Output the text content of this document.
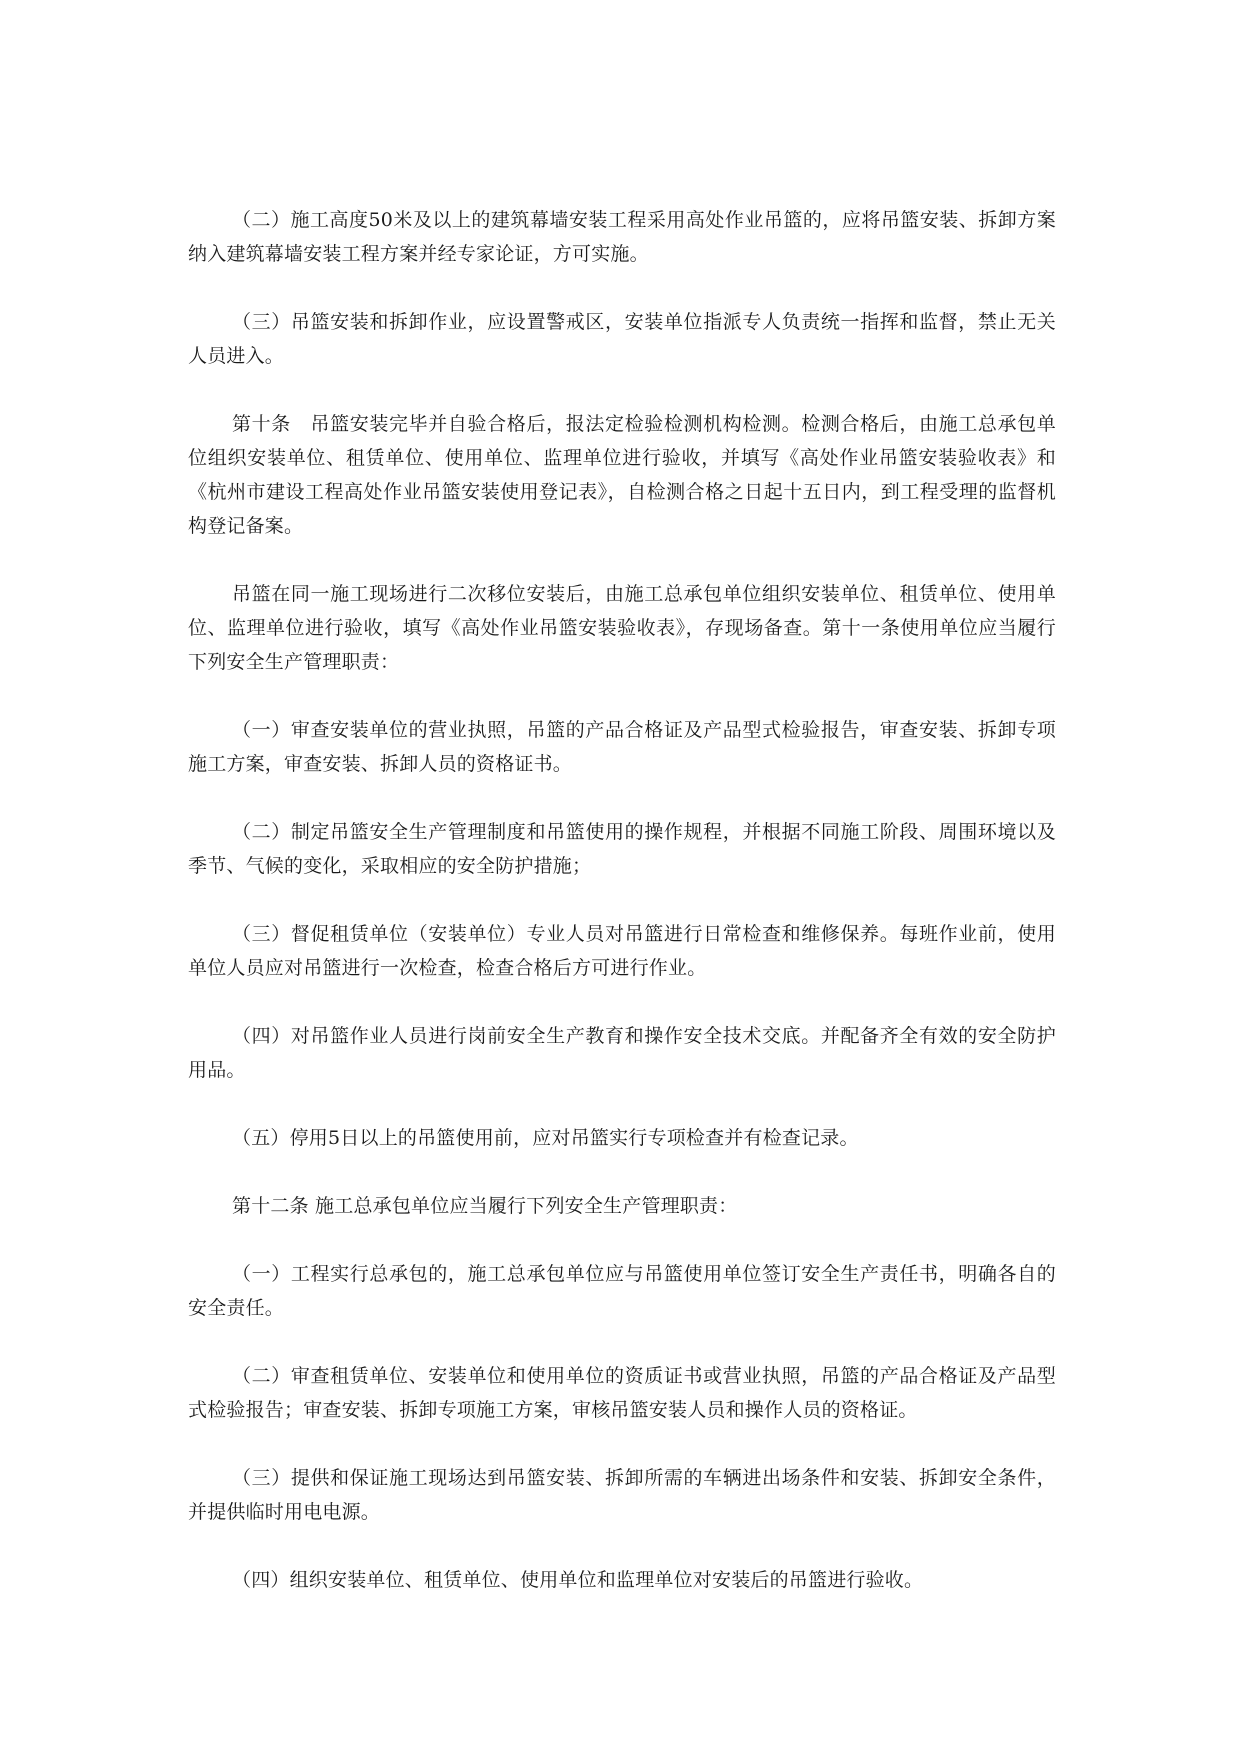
（二）施工高度50米及以上的建筑幕墙安装工程采用高处作业吊篮的，应将吊篮安装、拆卸方案纳入建筑幕墙安装工程方案并经专家论证，方可实施。

（三）吊篮安装和拆卸作业，应设置警戒区，安装单位指派专人负责统一指挥和监督，禁止无关人员进入。

第十条　吊篮安装完毕并自验合格后，报法定检验检测机构检测。检测合格后，由施工总承包单位组织安装单位、租赁单位、使用单位、监理单位进行验收，并填写《高处作业吊篮安装验收表》和《杭州市建设工程高处作业吊篮安装使用登记表》，自检测合格之日起十五日内，到工程受理的监督机构登记备案。

吊篮在同一施工现场进行二次移位安装后，由施工总承包单位组织安装单位、租赁单位、使用单位、监理单位进行验收，填写《高处作业吊篮安装验收表》，存现场备查。第十一条使用单位应当履行下列安全生产管理职责：

（一）审查安装单位的营业执照，吊篮的产品合格证及产品型式检验报告，审查安装、拆卸专项施工方案，审查安装、拆卸人员的资格证书。

（二）制定吊篮安全生产管理制度和吊篮使用的操作规程，并根据不同施工阶段、周围环境以及季节、气候的变化，采取相应的安全防护措施；

（三）督促租赁单位（安装单位）专业人员对吊篮进行日常检查和维修保养。每班作业前，使用单位人员应对吊篮进行一次检查，检查合格后方可进行作业。

（四）对吊篮作业人员进行岗前安全生产教育和操作安全技术交底。并配备齐全有效的安全防护用品。

（五）停用5日以上的吊篮使用前，应对吊篮实行专项检查并有检查记录。

第十二条 施工总承包单位应当履行下列安全生产管理职责：

（一）工程实行总承包的，施工总承包单位应与吊篮使用单位签订安全生产责任书，明确各自的安全责任。

（二）审查租赁单位、安装单位和使用单位的资质证书或营业执照，吊篮的产品合格证及产品型式检验报告；审查安装、拆卸专项施工方案，审核吊篮安装人员和操作人员的资格证。

（三）提供和保证施工现场达到吊篮安装、拆卸所需的车辆进出场条件和安装、拆卸安全条件，并提供临时用电电源。

（四）组织安装单位、租赁单位、使用单位和监理单位对安装后的吊篮进行验收。
